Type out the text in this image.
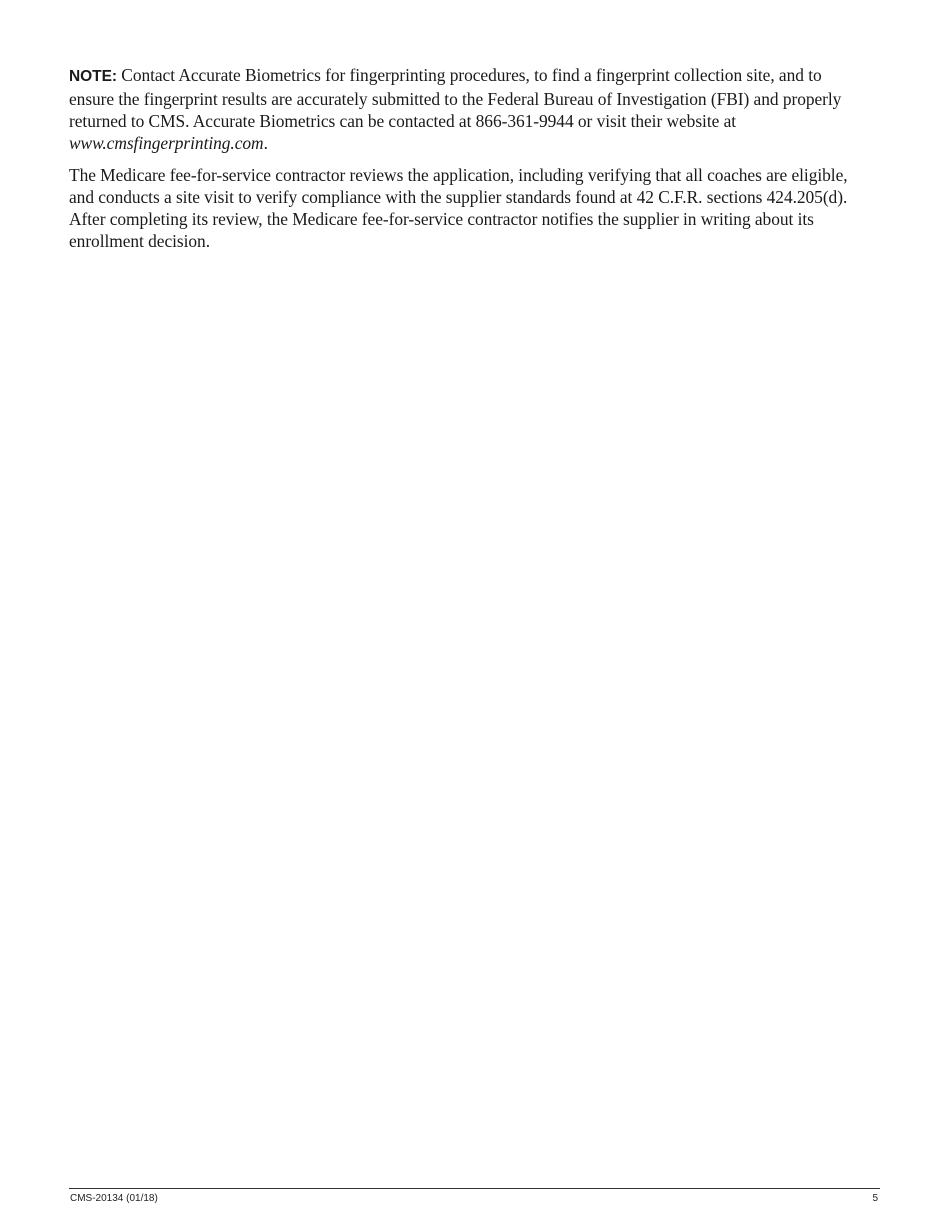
NOTE: Contact Accurate Biometrics for fingerprinting procedures, to find a fingerprint collection site, and to ensure the fingerprint results are accurately submitted to the Federal Bureau of Investigation (FBI) and properly returned to CMS. Accurate Biometrics can be contacted at 866-361-9944 or visit their website at www.cmsfingerprinting.com.

The Medicare fee-for-service contractor reviews the application, including verifying that all coaches are eligible, and conducts a site visit to verify compliance with the supplier standards found at 42 C.F.R. sections 424.205(d). After completing its review, the Medicare fee-for-service contractor notifies the supplier in writing about its enrollment decision.

CMS-20134 (01/18)	5
